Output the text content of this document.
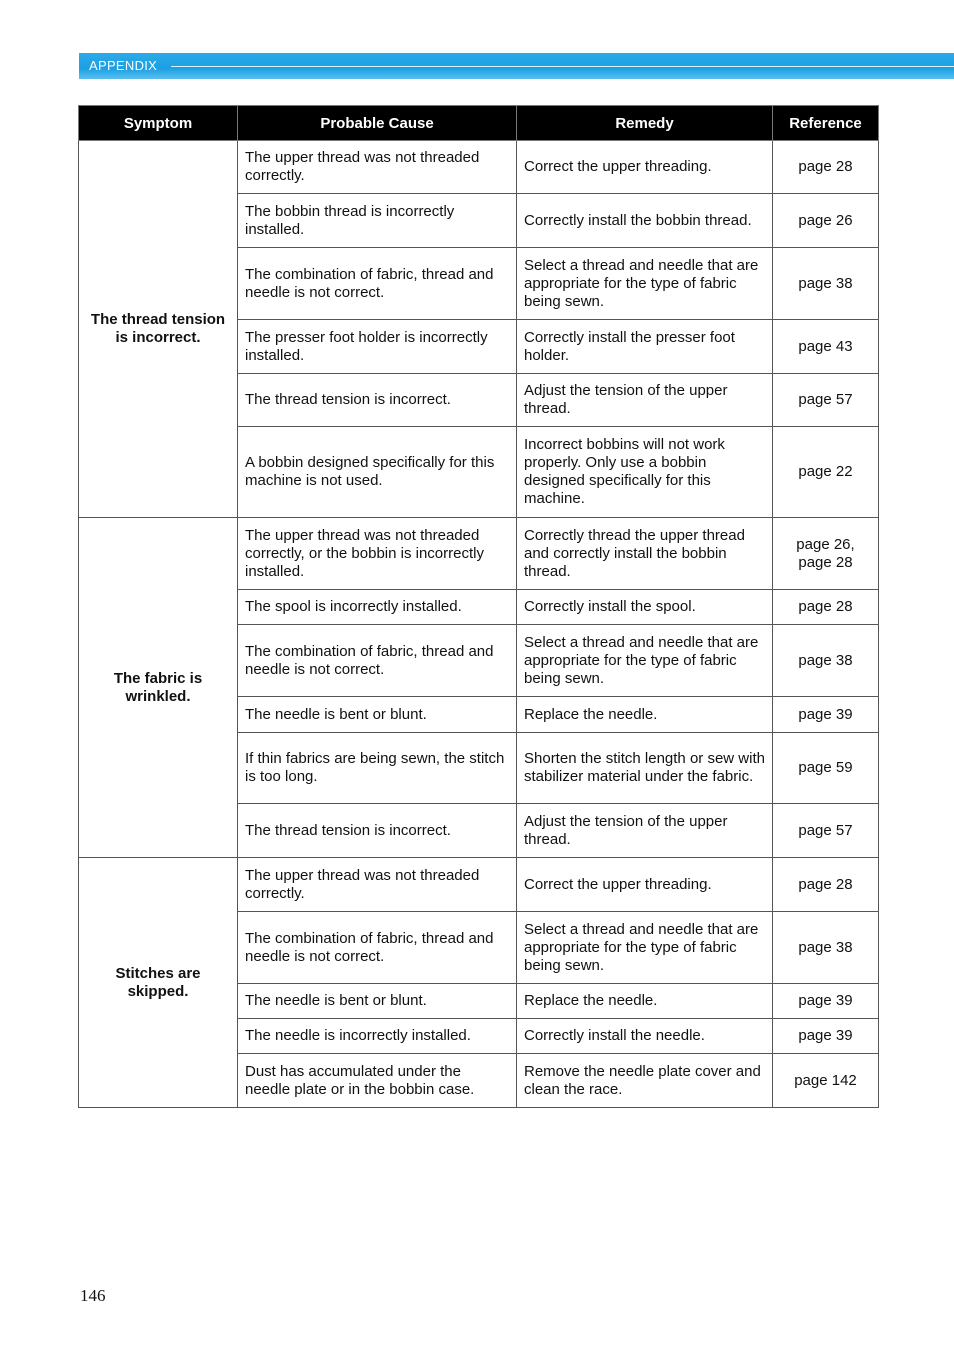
APPENDIX
Symptom	Probable Cause	Remedy	Reference
The thread tension is incorrect.	The upper thread was not threaded correctly.	Correct the upper threading.	page 28
	The bobbin thread is incorrectly installed.	Correctly install the bobbin thread.	page 26
	The combination of fabric, thread and needle is not correct.	Select a thread and needle that are appropriate for the type of fabric being sewn.	page 38
	The presser foot holder is incorrectly installed.	Correctly install the presser foot holder.	page 43
	The thread tension is incorrect.	Adjust the tension of the upper thread.	page 57
	A bobbin designed specifically for this machine is not used.	Incorrect bobbins will not work properly. Only use a bobbin designed specifically for this machine.	page 22
The fabric is wrinkled.	The upper thread was not threaded correctly, or the bobbin is incorrectly installed.	Correctly thread the upper thread and correctly install the bobbin thread.	page 26, page 28
	The spool is incorrectly installed.	Correctly install the spool.	page 28
	The combination of fabric, thread and needle is not correct.	Select a thread and needle that are appropriate for the type of fabric being sewn.	page 38
	The needle is bent or blunt.	Replace the needle.	page 39
	If thin fabrics are being sewn, the stitch is too long.	Shorten the stitch length or sew with stabilizer material under the fabric.	page 59
	The thread tension is incorrect.	Adjust the tension of the upper thread.	page 57
Stitches are skipped.	The upper thread was not threaded correctly.	Correct the upper threading.	page 28
	The combination of fabric, thread and needle is not correct.	Select a thread and needle that are appropriate for the type of fabric being sewn.	page 38
	The needle is bent or blunt.	Replace the needle.	page 39
	The needle is incorrectly installed.	Correctly install the needle.	page 39
	Dust has accumulated under the needle plate or in the bobbin case.	Remove the needle plate cover and clean the race.	page 142
146
